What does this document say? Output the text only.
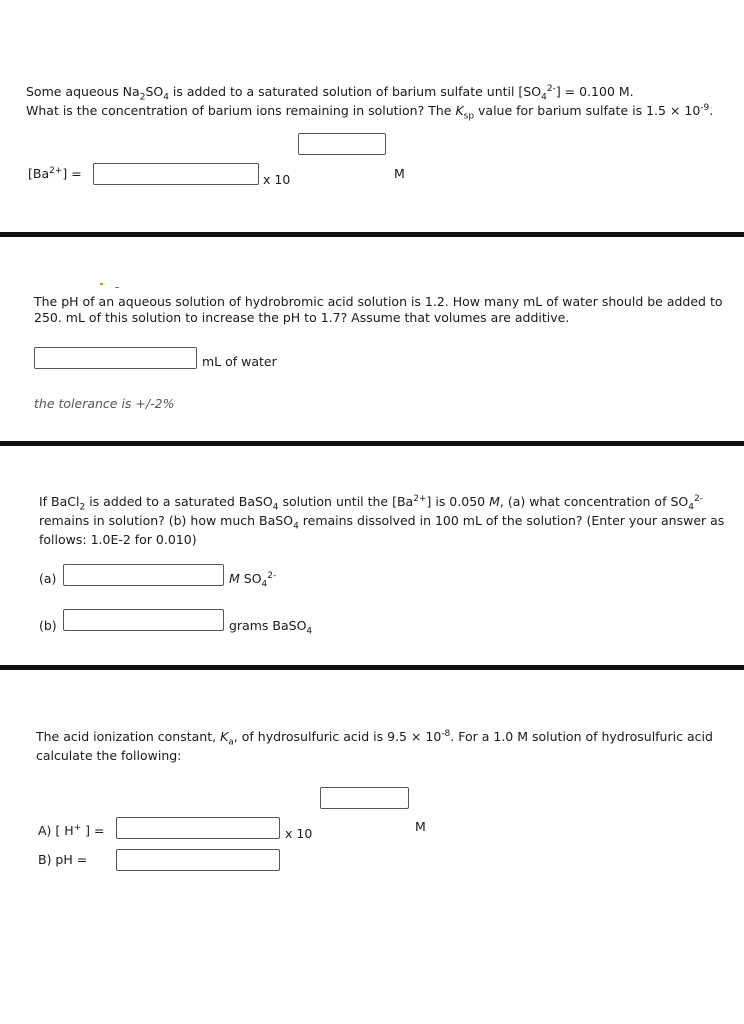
Some aqueous $Na_2SO_4$ is added to a saturated solution of barium sulfate until $[SO_4^{2-}] = 0.100$ M.
What is the concentration of barium ions remaining in solution? The $K_{sp}$ value for barium sulfate is $1.5 \times 10^{-9}$.
$[Ba^{2+}]$ =	x 10	M
The pH of an aqueous solution of hydrobromic acid solution is 1.2. How many mL of water should be added to
250. mL of this solution to increase the pH to 1.7? Assume that volumes are additive.
mL of water
the tolerance is +/-2%
If BaCl$_2$ is added to a saturated BaSO$_4$ solution until the $[Ba^{2+}]$ is 0.050 M, (a) what concentration of $SO_4^{2-}$
remains in solution? (b) how much BaSO$_4$ remains dissolved in 100 mL of the solution? (Enter your answer as
follows: 1.0E-2 for 0.010)
(a)	M $SO_4^{2-}$
(b)	grams BaSO$_4$
The acid ionization constant, $K_a$, of hydrosulfuric acid is $9.5 \times 10^{-8}$. For a 1.0 M solution of hydrosulfuric acid
calculate the following:
A) [ H+ ] =	x 10	M
B) pH =
